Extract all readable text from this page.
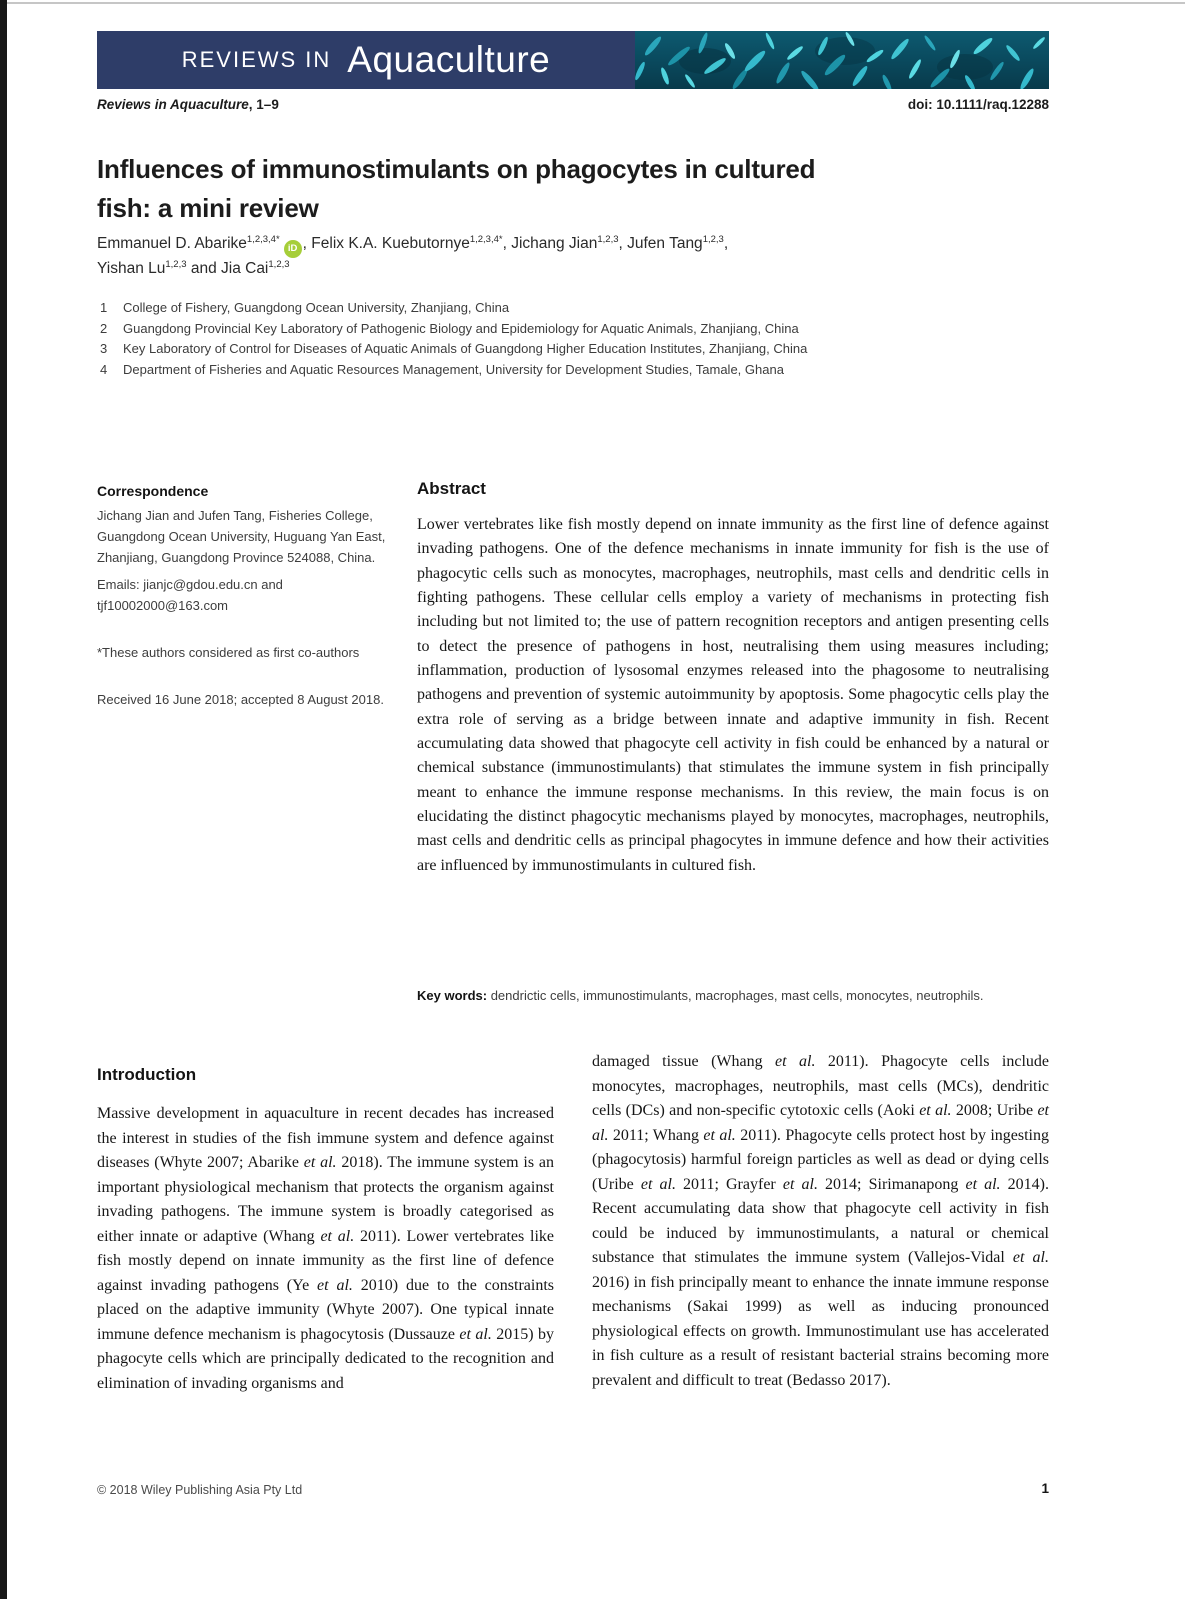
REVIEWS IN Aquaculture
Reviews in Aquaculture, 1–9	doi: 10.1111/raq.12288
Influences of immunostimulants on phagocytes in cultured
fish: a mini review
Emmanuel D. Abarike$^{1,2,3,4*}$iD , Felix K.A. Kuebutornye$^{1,2,3,4*}$, Jichang Jian$^{1,2,3}$, Jufen Tang$^{1,2,3}$,
Yishan Lu$^{1,2,3}$ and Jia Cai$^{1,2,3}$
1	College of Fishery, Guangdong Ocean University, Zhanjiang, China
2	Guangdong Provincial Key Laboratory of Pathogenic Biology and Epidemiology for Aquatic Animals, Zhanjiang, China
3	Key Laboratory of Control for Diseases of Aquatic Animals of Guangdong Higher Education Institutes, Zhanjiang, China
4	Department of Fisheries and Aquatic Resources Management, University for Development Studies, Tamale, Ghana
Correspondence

Jichang Jian and Jufen Tang, Fisheries College, Guangdong Ocean University, Huguang Yan East, Zhanjiang, Guangdong Province 524088, China.

Emails: jianjc@gdou.edu.cn and tjf10002000@163.com

*These authors considered as first co-authors

Received 16 June 2018; accepted 8 August 2018.

Abstract

Lower vertebrates like fish mostly depend on innate immunity as the first line of defence against invading pathogens. One of the defence mechanisms in innate immunity for fish is the use of phagocytic cells such as monocytes, macrophages, neutrophils, mast cells and dendritic cells in fighting pathogens. These cellular cells employ a variety of mechanisms in protecting fish including but not limited to; the use of pattern recognition receptors and antigen presenting cells to detect the presence of pathogens in host, neutralising them using measures including; inflammation, production of lysosomal enzymes released into the phagosome to neutralising pathogens and prevention of systemic autoimmunity by apoptosis. Some phagocytic cells play the extra role of serving as a bridge between innate and adaptive immunity in fish. Recent accumulating data showed that phagocyte cell activity in fish could be enhanced by a natural or chemical substance (immunostimulants) that stimulates the immune system in fish principally meant to enhance the immune response mechanisms. In this review, the main focus is on elucidating the distinct phagocytic mechanisms played by monocytes, macrophages, neutrophils, mast cells and dendritic cells as principal phagocytes in immune defence and how their activities are influenced by immunostimulants in cultured fish.

Key words: dendrictic cells, immunostimulants, macrophages, mast cells, monocytes, neutrophils.

Introduction

Massive development in aquaculture in recent decades has increased the interest in studies of the fish immune system and defence against diseases (Whyte 2007; Abarike et al. 2018). The immune system is an important physiological mechanism that protects the organism against invading pathogens. The immune system is broadly categorised as either innate or adaptive (Whang et al. 2011). Lower vertebrates like fish mostly depend on innate immunity as the first line of defence against invading pathogens (Ye et al. 2010) due to the constraints placed on the adaptive immunity (Whyte 2007). One typical innate immune defence mechanism is phagocytosis (Dussauze et al. 2015) by phagocyte cells which are principally dedicated to the recognition and elimination of invading organisms and

damaged tissue (Whang et al. 2011). Phagocyte cells include monocytes, macrophages, neutrophils, mast cells (MCs), dendritic cells (DCs) and non-specific cytotoxic cells (Aoki et al. 2008; Uribe et al. 2011; Whang et al. 2011). Phagocyte cells protect host by ingesting (phagocytosis) harmful foreign particles as well as dead or dying cells (Uribe et al. 2011; Grayfer et al. 2014; Sirimanapong et al. 2014). Recent accumulating data show that phagocyte cell activity in fish could be induced by immunostimulants, a natural or chemical substance that stimulates the immune system (Vallejos-Vidal et al. 2016) in fish principally meant to enhance the innate immune response mechanisms (Sakai 1999) as well as inducing pronounced physiological effects on growth. Immunostimulant use has accelerated in fish culture as a result of resistant bacterial strains becoming more prevalent and difficult to treat (Bedasso 2017).

© 2018 Wiley Publishing Asia Pty Ltd	1
